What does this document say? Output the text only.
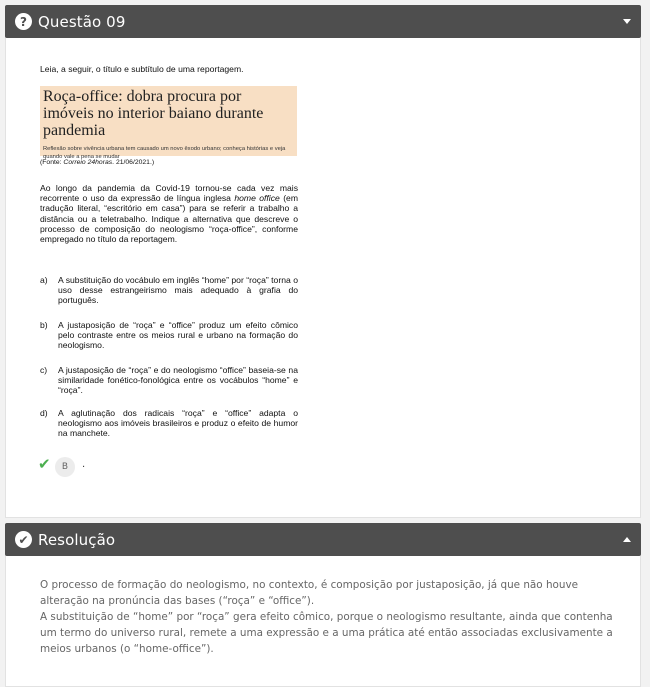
? Questão 09
Leia, a seguir, o título e subtítulo de uma reportagem.
Roça-office: dobra procura por imóveis no interior baiano durante pandemia
Reflexão sobre vivência urbana tem causado um novo êxodo urbano; conheça histórias e veja quando vale a pena se mudar
(Fonte: Correio 24horas. 21/06/2021.)
Ao longo da pandemia da Covid-19 tornou-se cada vez mais recorrente o uso da expressão de língua inglesa home office (em tradução literal, “escritório em casa”) para se referir a trabalho a distância ou a teletrabalho. Indique a alternativa que descreve o processo de composição do neologismo “roça-office”, conforme empregado no título da reportagem.
a)	A substituição do vocábulo em inglês “home” por “roça” torna o uso desse estrangeirismo mais adequado à grafia do português.
b)	A justaposição de “roça” e “office” produz um efeito cômico pelo contraste entre os meios rural e urbano na formação do neologismo.
c)	A justaposição de “roça” e do neologismo “office” baseia-se na similaridade fonético-fonológica entre os vocábulos “home” e “roça”.
d)	A aglutinação dos radicais “roça” e “office” adapta o neologismo aos imóveis brasileiros e produz o efeito de humor na manchete.
✔	B	.
✔ Resolução
O processo de formação do neologismo, no contexto, é composição por justaposição, já que não houve alteração na pronúncia das bases (“roça” e “office”).
A substituição de “home” por “roça” gera efeito cômico, porque o neologismo resultante, ainda que contenha um termo do universo rural, remete a uma expressão e a uma prática até então associadas exclusivamente a meios urbanos (o “home-office”).
